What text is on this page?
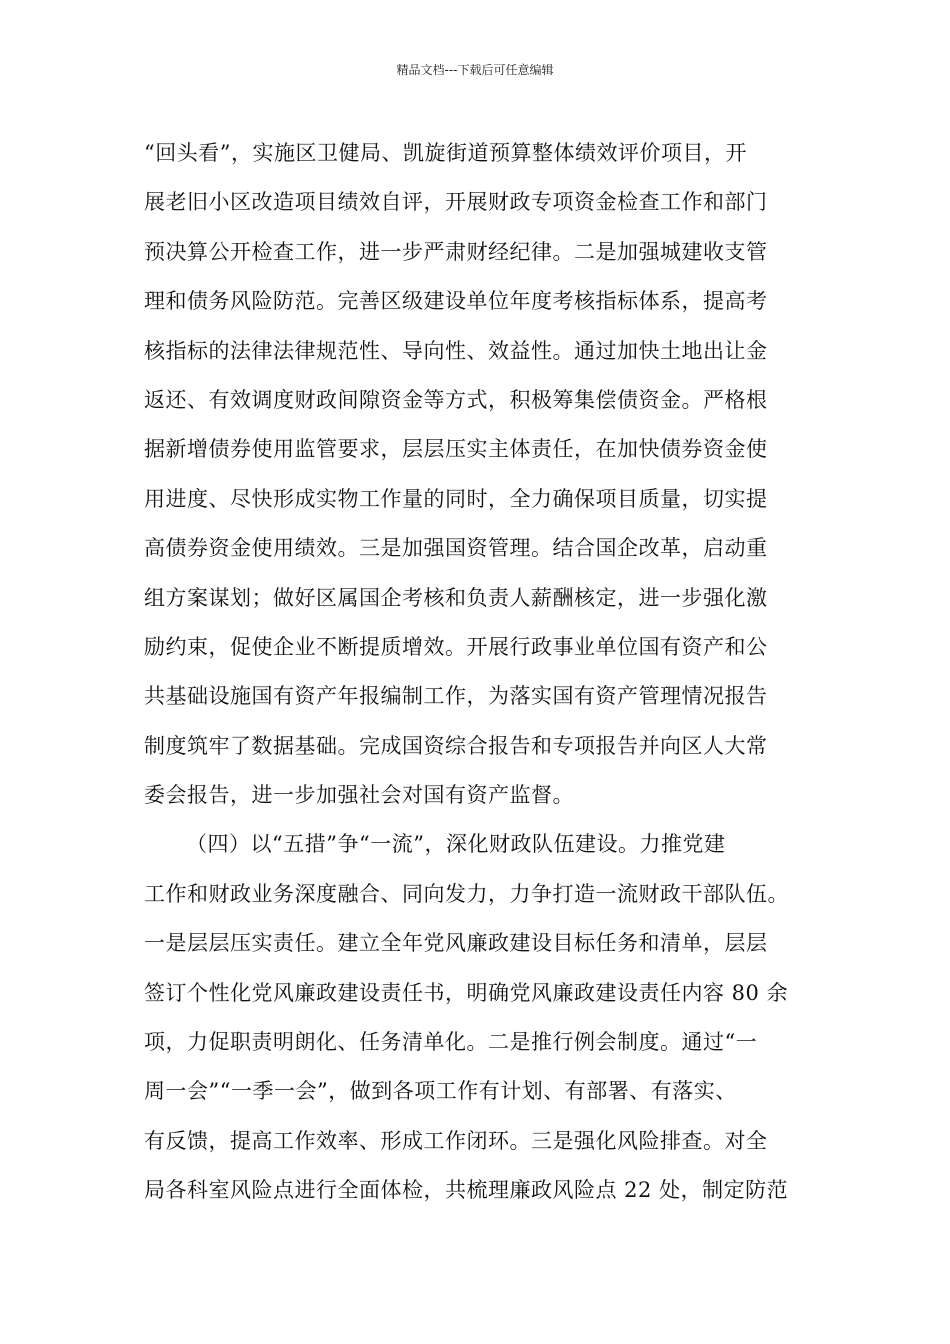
精品文档---下载后可任意编辑
“回头看”，实施区卫健局、凯旋街道预算整体绩效评价项目，开
展老旧小区改造项目绩效自评，开展财政专项资金检查工作和部门
预决算公开检查工作，进一步严肃财经纪律。二是加强城建收支管
理和债务风险防范。完善区级建设单位年度考核指标体系，提高考
核指标的法律法律规范性、导向性、效益性。通过加快土地出让金
返还、有效调度财政间隙资金等方式，积极筹集偿债资金。严格根
据新增债券使用监管要求，层层压实主体责任，在加快债券资金使
用进度、尽快形成实物工作量的同时，全力确保项目质量，切实提
高债券资金使用绩效。三是加强国资管理。结合国企改革，启动重
组方案谋划；做好区属国企考核和负责人薪酬核定，进一步强化激
励约束，促使企业不断提质增效。开展行政事业单位国有资产和公
共基础设施国有资产年报编制工作，为落实国有资产管理情况报告
制度筑牢了数据基础。完成国资综合报告和专项报告并向区人大常
委会报告，进一步加强社会对国有资产监督。
（四）以“五措”争“一流”，深化财政队伍建设。力推党建
工作和财政业务深度融合、同向发力，力争打造一流财政干部队伍。
一是层层压实责任。建立全年党风廉政建设目标任务和清单，层层
签订个性化党风廉政建设责任书，明确党风廉政建设责任内容 80 余
项，力促职责明朗化、任务清单化。二是推行例会制度。通过“一
周一会”“一季一会”，做到各项工作有计划、有部署、有落实、
有反馈，提高工作效率、形成工作闭环。三是强化风险排查。对全
局各科室风险点进行全面体检，共梳理廉政风险点 22 处，制定防范
